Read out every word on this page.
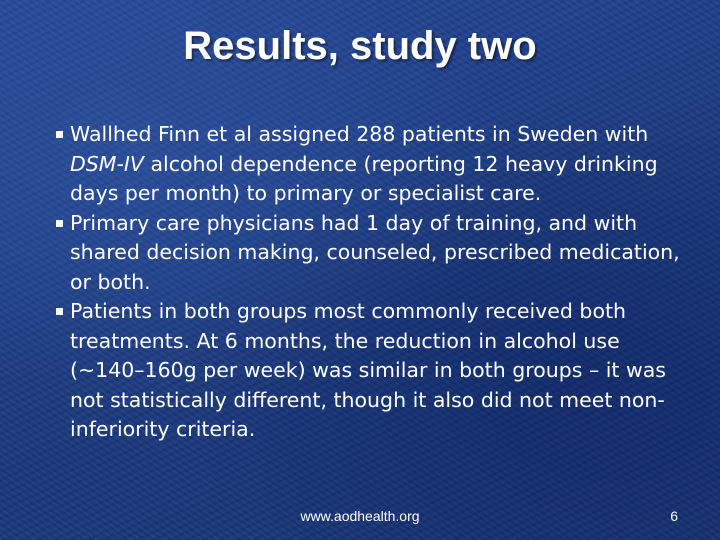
Results, study two
Wallhed Finn et al assigned 288 patients in Sweden with DSM-IV alcohol dependence (reporting 12 heavy drinking days per month) to primary or specialist care.
Primary care physicians had 1 day of training, and with shared decision making, counseled, prescribed medication, or both.
Patients in both groups most commonly received both treatments. At 6 months, the reduction in alcohol use (~140–160g per week) was similar in both groups – it was not statistically different, though it also did not meet non-inferiority criteria.
www.aodhealth.org	6
